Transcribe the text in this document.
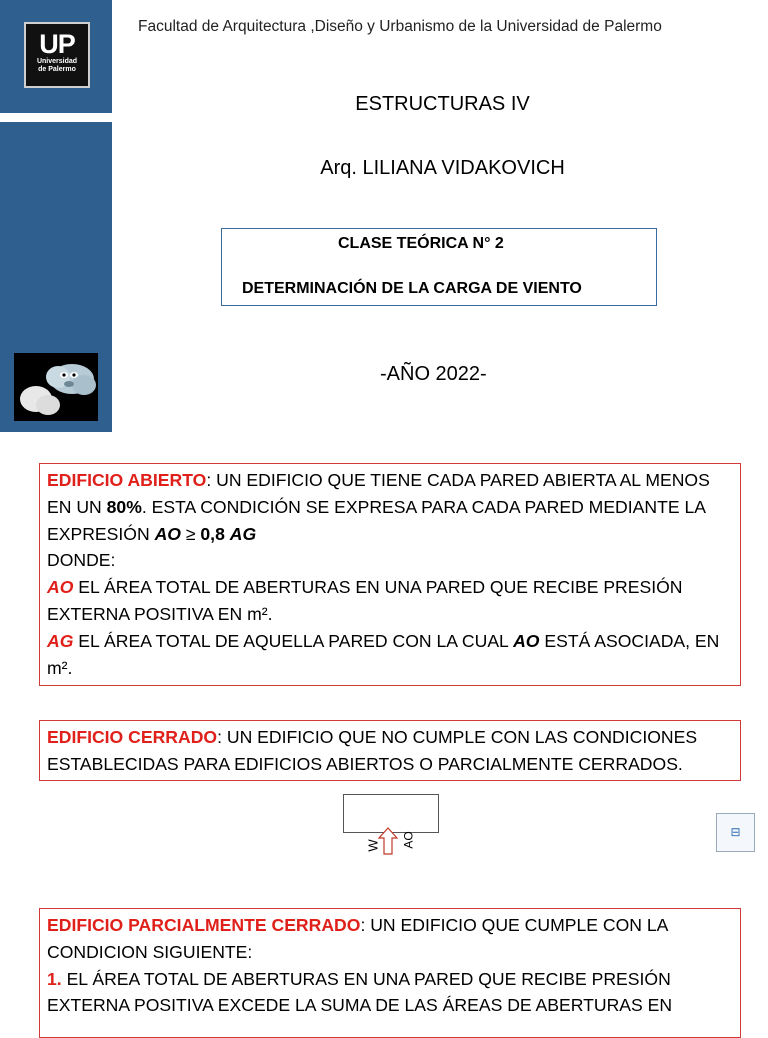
UP
Universidad
de Palermo
Facultad de Arquitectura ,Diseño y Urbanismo de la Universidad de Palermo
ESTRUCTURAS IV
Arq. LILIANA VIDAKOVICH
CLASE TEÓRICA N° 2
DETERMINACIÓN DE LA CARGA DE VIENTO
-AÑO 2022-

EDIFICIO ABIERTO: UN EDIFICIO QUE TIENE CADA PARED ABIERTA AL MENOS EN UN 80%. ESTA CONDICIÓN SE EXPRESA PARA CADA PARED MEDIANTE LA EXPRESIÓN AO ≥ 0,8 AG

DONDE:

AO EL ÁREA TOTAL DE ABERTURAS EN UNA PARED QUE RECIBE PRESIÓN EXTERNA POSITIVA EN m².

AG EL ÁREA TOTAL DE AQUELLA PARED CON LA CUAL AO ESTÁ ASOCIADA, EN m².

EDIFICIO CERRADO: UN EDIFICIO QUE NO CUMPLE CON LAS CONDICIONES ESTABLECIDAS PARA EDIFICIOS ABIERTOS O PARCIALMENTE CERRADOS.

W AO	⊟

EDIFICIO PARCIALMENTE CERRADO: UN EDIFICIO QUE CUMPLE CON LA CONDICION SIGUIENTE:

1. EL ÁREA TOTAL DE ABERTURAS EN UNA PARED QUE RECIBE PRESIÓN EXTERNA POSITIVA EXCEDE LA SUMA DE LAS ÁREAS DE ABERTURAS EN
